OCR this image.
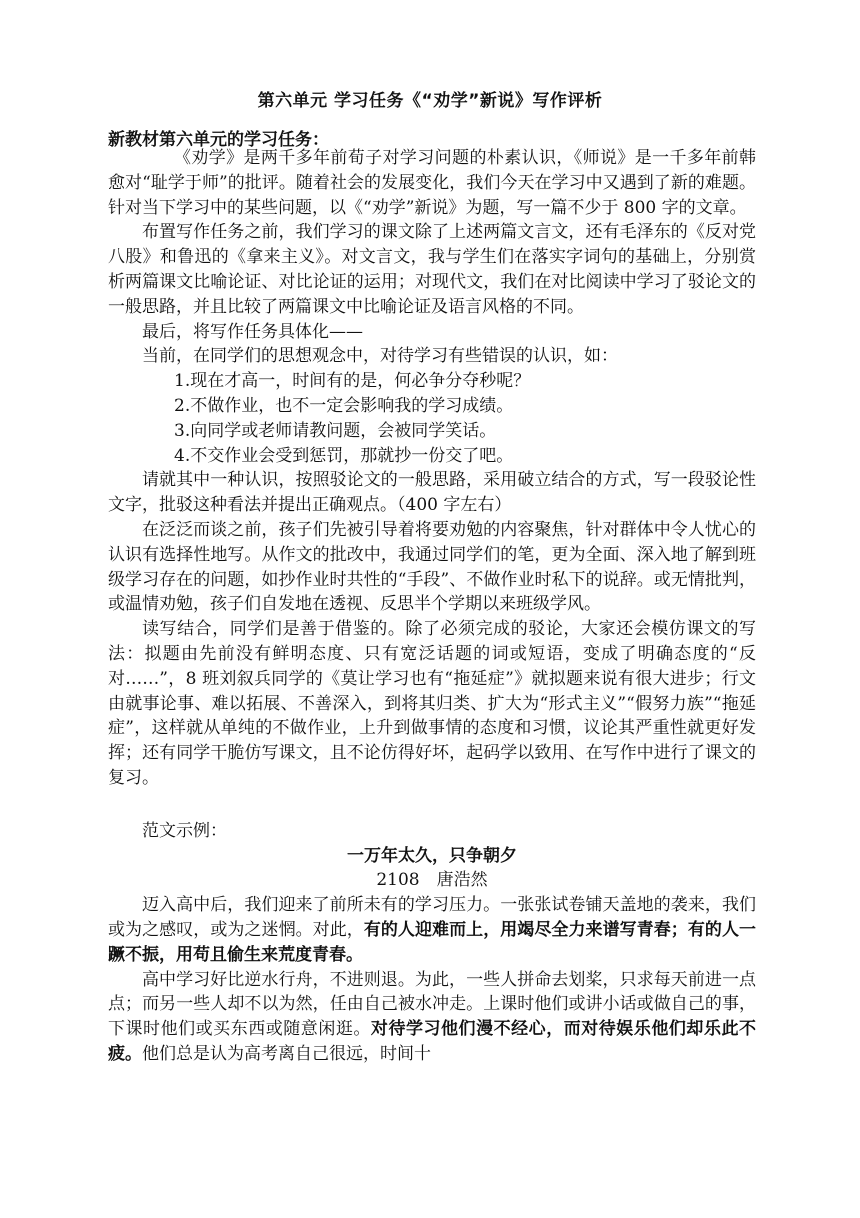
第六单元 学习任务《“劝学”新说》写作评析
新教材第六单元的学习任务：

《劝学》是两千多年前荀子对学习问题的朴素认识，《师说》是一千多年前韩愈对“耻学于师”的批评。随着社会的发展变化，我们今天在学习中又遇到了新的难题。针对当下学习中的某些问题，以《“劝学”新说》为题，写一篇不少于 800 字的文章。

布置写作任务之前，我们学习的课文除了上述两篇文言文，还有毛泽东的《反对党八股》和鲁迅的《拿来主义》。对文言文，我与学生们在落实字词句的基础上，分别赏析两篇课文比喻论证、对比论证的运用；对现代文，我们在对比阅读中学习了驳论文的一般思路，并且比较了两篇课文中比喻论证及语言风格的不同。

最后，将写作任务具体化——

当前，在同学们的思想观念中，对待学习有些错误的认识，如：

1.现在才高一，时间有的是，何必争分夺秒呢？

2.不做作业，也不一定会影响我的学习成绩。

3.向同学或老师请教问题，会被同学笑话。

4.不交作业会受到惩罚，那就抄一份交了吧。

请就其中一种认识，按照驳论文的一般思路，采用破立结合的方式，写一段驳论性文字，批驳这种看法并提出正确观点。（400 字左右）

在泛泛而谈之前，孩子们先被引导着将要劝勉的内容聚焦，针对群体中令人忧心的认识有选择性地写。从作文的批改中，我通过同学们的笔，更为全面、深入地了解到班级学习存在的问题，如抄作业时共性的“手段”、不做作业时私下的说辞。或无情批判，或温情劝勉，孩子们自发地在透视、反思半个学期以来班级学风。

读写结合，同学们是善于借鉴的。除了必须完成的驳论，大家还会模仿课文的写法：拟题由先前没有鲜明态度、只有宽泛话题的词或短语，变成了明确态度的“反对……”，8 班刘叙兵同学的《莫让学习也有“拖延症”》就拟题来说有很大进步；行文由就事论事、难以拓展、不善深入，到将其归类、扩大为“形式主义”“假努力族”“拖延症”，这样就从单纯的不做作业，上升到做事情的态度和习惯，议论其严重性就更好发挥；还有同学干脆仿写课文，且不论仿得好坏，起码学以致用、在写作中进行了课文的复习。

范文示例：

一万年太久，只争朝夕

2108　唐浩然

迈入高中后，我们迎来了前所未有的学习压力。一张张试卷铺天盖地的袭来，我们或为之感叹，或为之迷惘。对此，有的人迎难而上，用竭尽全力来谱写青春；有的人一蹶不振，用苟且偷生来荒度青春。

高中学习好比逆水行舟，不进则退。为此，一些人拼命去划桨，只求每天前进一点点；而另一些人却不以为然，任由自己被水冲走。上课时他们或讲小话或做自己的事，下课时他们或买东西或随意闲逛。对待学习他们漫不经心，而对待娱乐他们却乐此不疲。他们总是认为高考离自己很远，时间十
